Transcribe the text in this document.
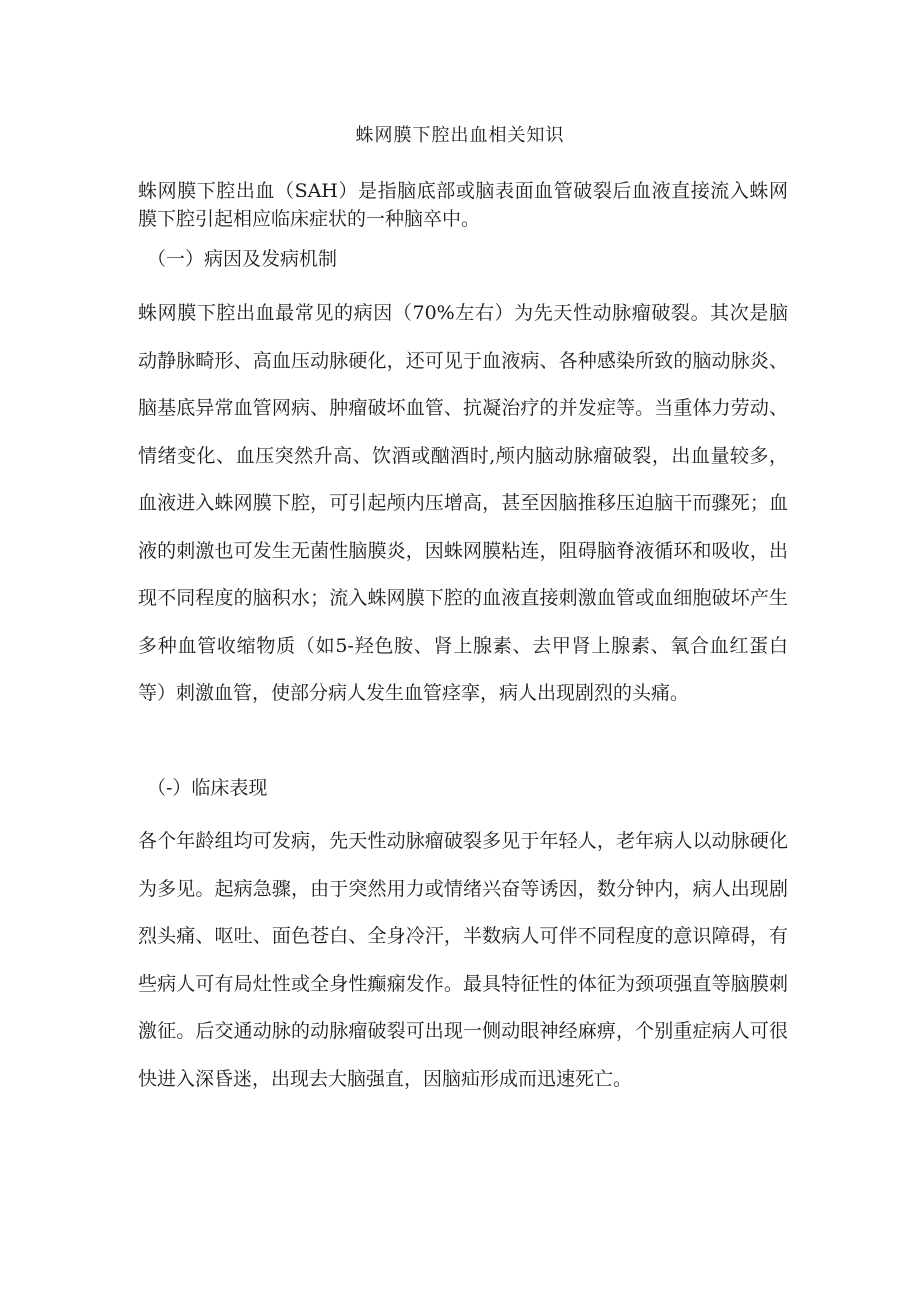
蛛网膜下腔出血相关知识
蛛网膜下腔出血（SAH）是指脑底部或脑表面血管破裂后血液直接流入蛛网膜下腔引起相应临床症状的一种脑卒中。
（一）病因及发病机制
蛛网膜下腔出血最常见的病因（70%左右）为先天性动脉瘤破裂。其次是脑动静脉畸形、高血压动脉硬化，还可见于血液病、各种感染所致的脑动脉炎、脑基底异常血管网病、肿瘤破坏血管、抗凝治疗的并发症等。当重体力劳动、情绪变化、血压突然升高、饮酒或酗酒时,颅内脑动脉瘤破裂，出血量较多，血液进入蛛网膜下腔，可引起颅内压增高，甚至因脑推移压迫脑干而骤死；血液的刺激也可发生无菌性脑膜炎，因蛛网膜粘连，阻碍脑脊液循环和吸收，出现不同程度的脑积水；流入蛛网膜下腔的血液直接刺激血管或血细胞破坏产生多种血管收缩物质（如5-羟色胺、肾上腺素、去甲肾上腺素、氧合血红蛋白等）刺激血管，使部分病人发生血管痉挛，病人出现剧烈的头痛。
（-）临床表现
各个年龄组均可发病，先天性动脉瘤破裂多见于年轻人，老年病人以动脉硬化为多见。起病急骤，由于突然用力或情绪兴奋等诱因，数分钟内，病人出现剧烈头痛、呕吐、面色苍白、全身冷汗，半数病人可伴不同程度的意识障碍，有些病人可有局灶性或全身性癫痫发作。最具特征性的体征为颈项强直等脑膜刺激征。后交通动脉的动脉瘤破裂可出现一侧动眼神经麻痹，个别重症病人可很快进入深昏迷，出现去大脑强直，因脑疝形成而迅速死亡。
